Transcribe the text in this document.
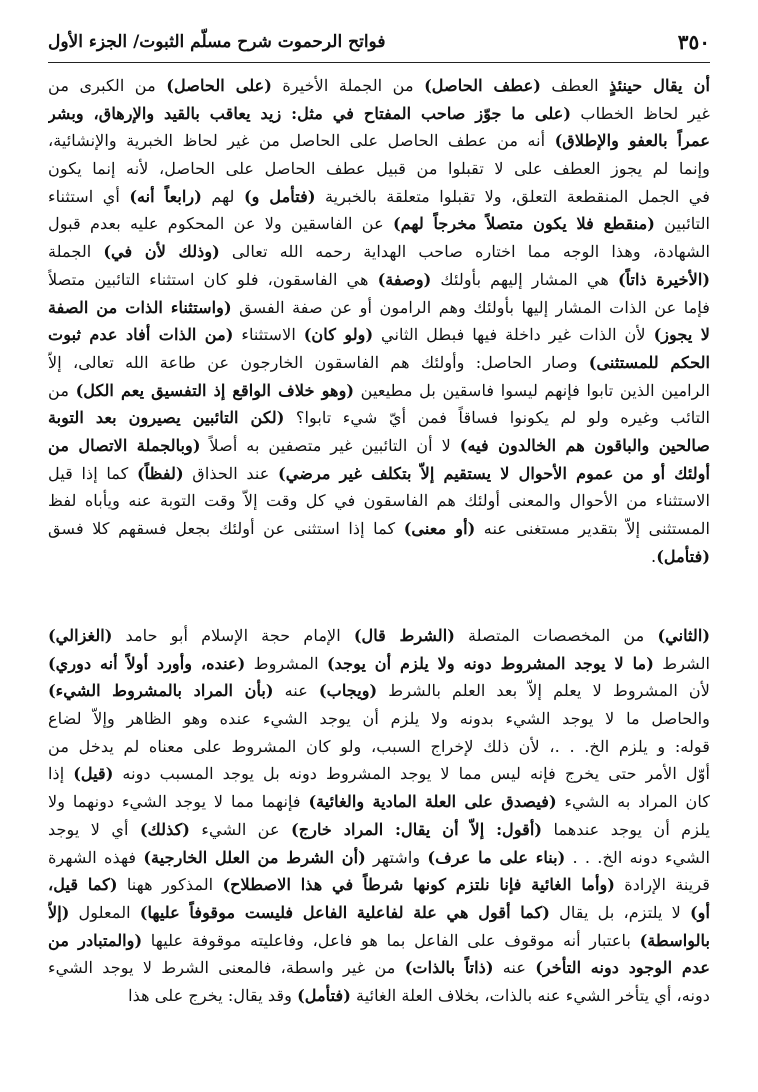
٣٥٠
فواتح الرحموت شرح مسلّم الثبوت/ الجزء الأول
أن يقال حينئذٍ العطف (عطف الحاصل) من الجملة الأخيرة (على الحاصل) من الكبرى من
غير لحاظ الخطاب (على ما جوّز صاحب المفتاح في مثل: زيد يعاقب بالقيد والإرهاق، وبشر
عمراً بالعفو والإطلاق) أنه من عطف الحاصل على الحاصل من غير لحاظ الخبرية والإنشائية،
وإنما لم يجوز العطف على لا تقبلوا من قبيل عطف الحاصل على الحاصل، لأنه إنما يكون
في الجمل المنقطعة التعلق، ولا تقبلوا متعلقة بالخبرية (فتأمل و) لهم (رابعاً أنه) أي استثناء
التائبين (منقطع فلا يكون متصلاً مخرجاً لهم) عن الفاسقين ولا عن المحكوم عليه بعدم قبول
الشهادة، وهذا الوجه مما اختاره صاحب الهداية رحمه الله تعالى (وذلك لأن في) الجملة
(الأخيرة ذاتاً) هي المشار إليهم بأولئك (وصفة) هي الفاسقون، فلو كان استثناء التائبين متصلاً
فإما عن الذات المشار إليها بأولئك وهم الرامون أو عن صفة الفسق (واستثناء الذات من الصفة
لا يجوز) لأن الذات غير داخلة فيها فبطل الثاني (ولو كان) الاستثناء (من الذات أفاد عدم ثبوت
الحكم للمستثنى) وصار الحاصل: وأولئك هم الفاسقون الخارجون عن طاعة الله تعالى، إلاّ
الرامين الذين تابوا فإنهم ليسوا فاسقين بل مطيعين (وهو خلاف الواقع إذ التفسيق يعم الكل) من
التائب وغيره ولو لم يكونوا فساقاً فمن أيّ شيء تابوا؟ (لكن التائبين يصيرون بعد التوبة
صالحين والباقون هم الخالدون فيه) لا أن التائبين غير متصفين به أصلاً (وبالجملة الاتصال من
أولئك أو من عموم الأحوال لا يستقيم إلاّ بتكلف غير مرضي) عند الحذاق (لفظاً) كما إذا قيل
الاستثناء من الأحوال والمعنى أولئك هم الفاسقون في كل وقت إلاّ وقت التوبة عنه ويأباه لفظ
المستثنى إلاّ بتقدير مستغنى عنه (أو معنى) كما إذا استثنى عن أولئك بجعل فسقهم كلا فسق
(فتأمل).
(الثاني) من المخصصات المتصلة (الشرط قال) الإمام حجة الإسلام أبو حامد (الغزالي)
الشرط (ما لا يوجد المشروط دونه ولا يلزم أن يوجد) المشروط (عنده، وأورد أولاً أنه دوري)
لأن المشروط لا يعلم إلاّ بعد العلم بالشرط (ويجاب) عنه (بأن المراد بالمشروط الشيء)
والحاصل ما لا يوجد الشيء بدونه ولا يلزم أن يوجد الشيء عنده وهو الظاهر وإلاّ لضاع
قوله: و يلزم الخ. . .، لأن ذلك لإخراج السبب، ولو كان المشروط على معناه لم يدخل من
أوّل الأمر حتى يخرج فإنه ليس مما لا يوجد المشروط دونه بل يوجد المسبب دونه (قيل) إذا
كان المراد به الشيء (فيصدق على العلة المادية والغائية) فإنهما مما لا يوجد الشيء دونهما ولا
يلزم أن يوجد عندهما (أقول: إلاّ أن يقال: المراد خارج) عن الشيء (كذلك) أي لا يوجد
الشيء دونه الخ. . . (بناء على ما عرف) واشتهر (أن الشرط من العلل الخارجية) فهذه الشهرة
قرينة الإرادة (وأما الغائية فإنا نلتزم كونها شرطاً في هذا الاصطلاح) المذكور ههنا (كما قيل،
أو) لا يلتزم، بل يقال (كما أقول هي علة لفاعلية الفاعل فليست موقوفاً عليها) المعلول (إلاّ
بالواسطة) باعتبار أنه موقوف على الفاعل بما هو فاعل، وفاعليته موقوفة عليها (والمتبادر من
عدم الوجود دونه التأخر) عنه (ذاتاً بالذات) من غير واسطة، فالمعنى الشرط لا يوجد الشيء
دونه، أي يتأخر الشيء عنه بالذات، بخلاف العلة الغائية (فتأمل) وقد يقال: يخرج على هذا
